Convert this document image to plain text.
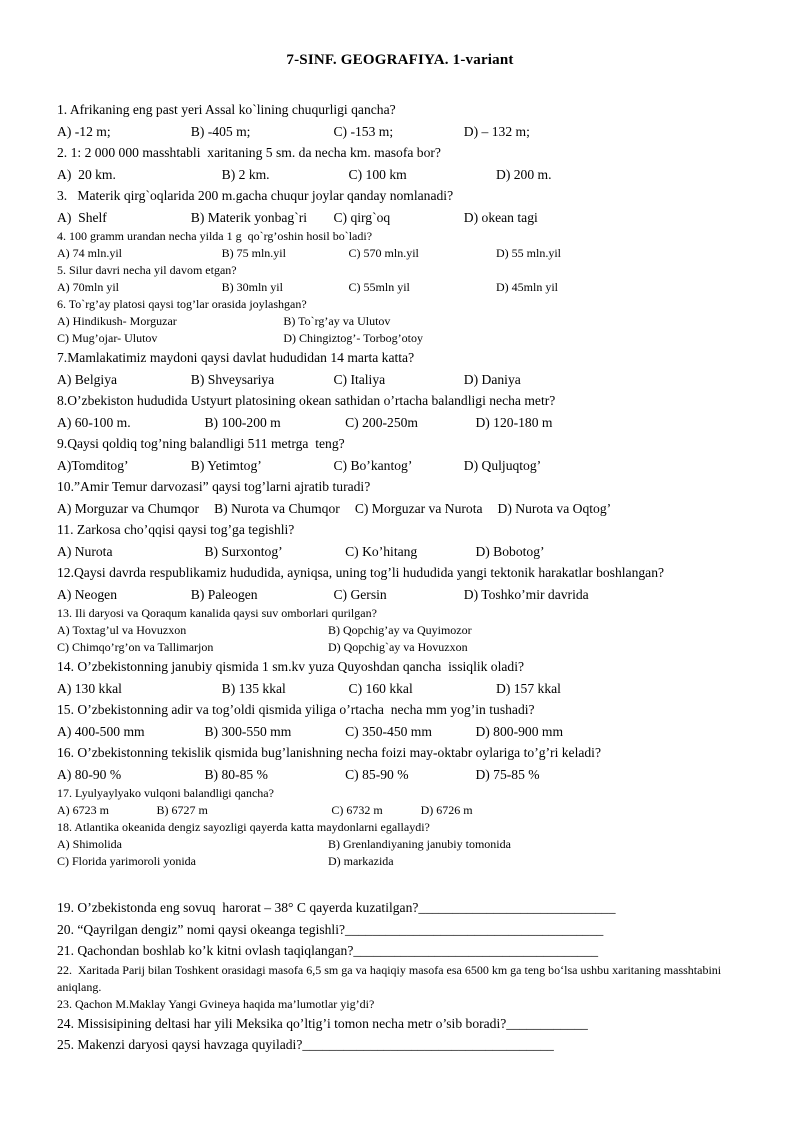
7-SINF. GEOGRAFIYA. 1-variant
1. Afrikaning eng past yeri Assal ko`lining chuqurligi qancha?
A) -12 m;	B) -405 m;	C) -153 m;	D) – 132 m;
2. 1: 2 000 000 masshtabli  xaritaning 5 sm. da necha km. masofa bor?
A)  20 km.	B) 2 km.	C) 100 km	D) 200 m.
3.   Materik qirg`oqlarida 200 m.gacha chuqur joylar qanday nomlanadi?
A)  Shelf	B) Materik yonbag`ri	C) qirg`oq	D) okean tagi
4. 100 gramm urandan necha yilda 1 g  qo`rg’oshin hosil bo`ladi?
A) 74 mln.yil	B) 75 mln.yil	C) 570 mln.yil	D) 55 mln.yil
5. Silur davri necha yil davom etgan?
A) 70mln yil	B) 30mln yil	C) 55mln yil	D) 45mln yil
6. To`rg’ay platosi qaysi tog’lar orasida joylashgan?
A) Hindikush- Morguzar	B) To`rg’ay va Ulutov
C) Mug’ojar- Ulutov	D) Chingiztog’- Torbog’otoy
7.Mamlakatimiz maydoni qaysi davlat hududidan 14 marta katta?
A) Belgiya	B) Shveysariya	C) Italiya	D) Daniya
8.O’zbekiston hududida Ustyurt platosining okean sathidan o’rtacha balandligi necha metr?
A) 60-100 m.	B) 100-200 m	C) 200-250m	D) 120-180 m
9.Qaysi qoldiq tog’ning balandligi 511 metrga  teng?
A)Tomditog’	B) Yetimtog’	C) Bo’kantog’	D) Quljuqtog’
10.”Amir Temur darvozasi” qaysi tog’larni ajratib turadi?
A) Morguzar va Chumqor B) Nurota va Chumqor C) Morguzar va Nurota D) Nurota va Oqtog’
11. Zarkosa cho’qqisi qaysi tog’ga tegishli?
A) Nurota	B) Surxontog’	C) Ko’hitang	D) Bobotog’
12.Qaysi davrda respublikamiz hududida, ayniqsa, uning tog’li hududida yangi tektonik harakatlar boshlangan?
A) Neogen	B) Paleogen	C) Gersin	D) Toshko’mir davrida
13. Ili daryosi va Qoraqum kanalida qaysi suv omborlari qurilgan?
A) Toxtag’ul va Hovuzxon	B) Qopchig’ay va Quyimozor
C) Chimqo’rg’on va Tallimarjon	D) Qopchig`ay va Hovuzxon
14. O’zbekistonning janubiy qismida 1 sm.kv yuza Quyoshdan qancha  issiqlik oladi?
A) 130 kkal	B) 135 kkal	C) 160 kkal	D) 157 kkal
15. O’zbekistonning adir va tog’oldi qismida yiliga o’rtacha  necha mm yog’in tushadi?
A) 400-500 mm	B) 300-550 mm	C) 350-450 mm	D) 800-900 mm
16. O’zbekistonning tekislik qismida bug’lanishning necha foizi may-oktabr oylariga to’g’ri keladi?
A) 80-90 %	B) 80-85 %	C) 85-90 %	D) 75-85 %
17. Lyulyaylyako vulqoni balandligi qancha?
A) 6723 m	B) 6727 m	C) 6732 m	D) 6726 m
18. Atlantika okeanida dengiz sayozligi qayerda katta maydonlarni egallaydi?
A) Shimolida	B) Grenlandiyaning janubiy tomonida
C) Florida yarimoroli yonida	D) markazida
19. O’zbekistonda eng sovuq  harorat – 38° C qayerda kuzatilgan?_____________________________
20. “Qayrilgan dengiz” nomi qaysi okeanga tegishli?______________________________________
21. Qachondan boshlab ko’k kitni ovlash taqiqlangan?____________________________________
22.  Xaritada Parij bilan Toshkent orasidagi masofa 6,5 sm ga va haqiqiy masofa esa 6500 km ga teng bo‘lsa ushbu xaritaning masshtabini aniqlang.
23. Qachon M.Maklay Yangi Gvineya haqida ma’lumotlar yig’di?
24. Missisipining deltasi har yili Meksika qo’ltig’i tomon necha metr o’sib boradi?____________
25. Makenzi daryosi qaysi havzaga quyiladi?_____________________________________
